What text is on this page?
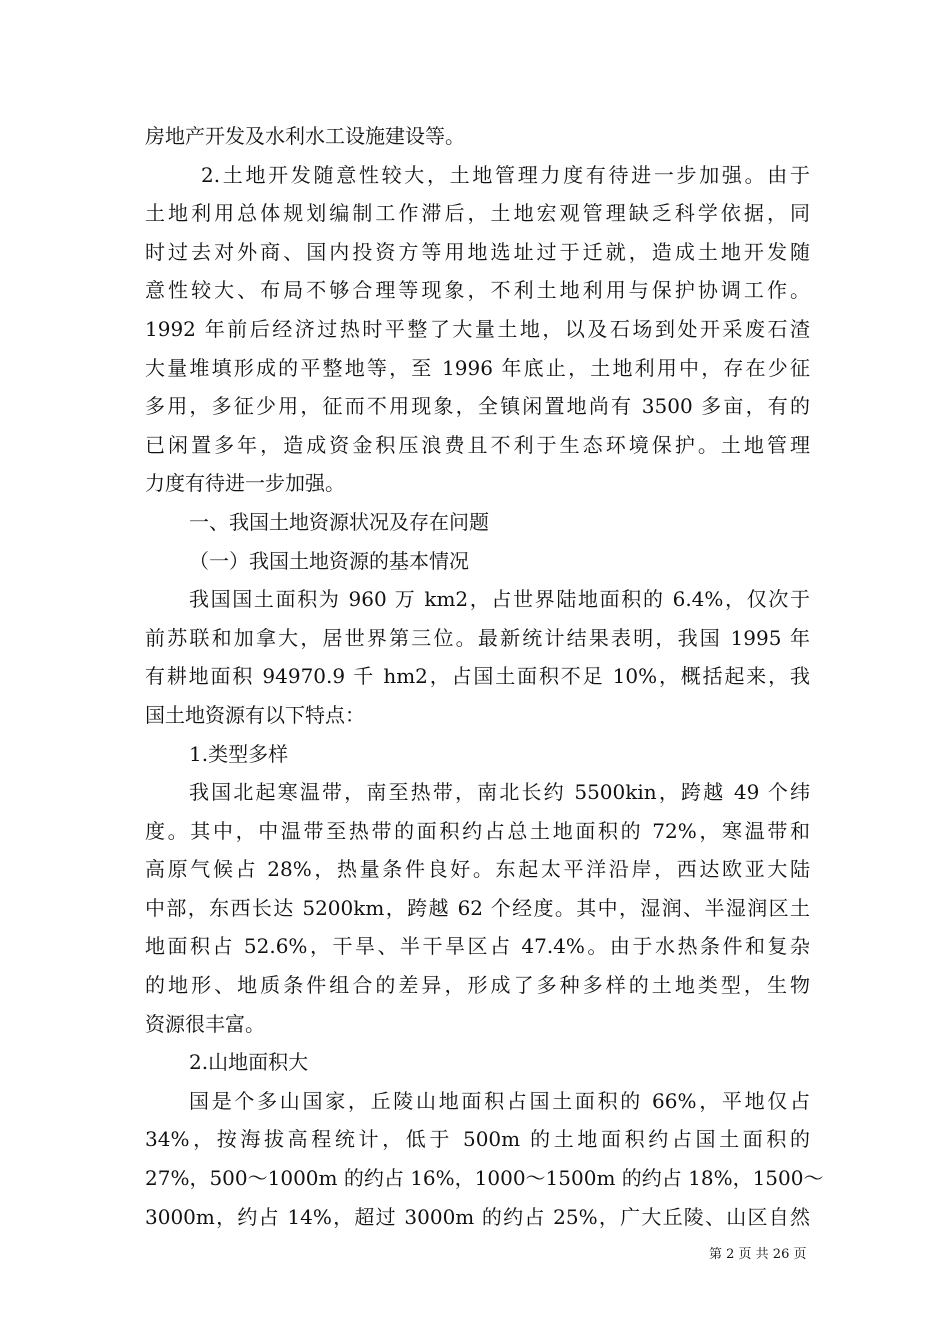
房地产开发及水利水工设施建设等。
2.土地开发随意性较大，土地管理力度有待进一步加强。由于
土地利用总体规划编制工作滞后，土地宏观管理缺乏科学依据，同
时过去对外商、国内投资方等用地选址过于迁就，造成土地开发随
意性较大、布局不够合理等现象，不利土地利用与保护协调工作。
1992 年前后经济过热时平整了大量土地，以及石场到处开采废石渣
大量堆填形成的平整地等，至 1996 年底止，土地利用中，存在少征
多用，多征少用，征而不用现象，全镇闲置地尚有 3500 多亩，有的
已闲置多年，造成资金积压浪费且不利于生态环境保护。土地管理
力度有待进一步加强。
一、我国土地资源状况及存在问题
（一）我国土地资源的基本情况
我国国土面积为 960 万 km2，占世界陆地面积的 6.4%，仅次于
前苏联和加拿大，居世界第三位。最新统计结果表明，我国 1995 年
有耕地面积 94970.9 千 hm2，占国土面积不足 10%，概括起来，我
国土地资源有以下特点：
1.类型多样
我国北起寒温带，南至热带，南北长约 5500kin，跨越 49 个纬
度。其中，中温带至热带的面积约占总土地面积的 72%，寒温带和
高原气候占 28%，热量条件良好。东起太平洋沿岸，西达欧亚大陆
中部，东西长达 5200km，跨越 62 个经度。其中，湿润、半湿润区土
地面积占 52.6%，干旱、半干旱区占 47.4%。由于水热条件和复杂
的地形、地质条件组合的差异，形成了多种多样的土地类型，生物
资源很丰富。
2.山地面积大
国是个多山国家，丘陵山地面积占国土面积的 66%，平地仅占
34%，按海拔高程统计，低于 500m 的土地面积约占国土面积的
27%，500～1000m 的约占 16%，1000～1500m 的约占 18%，1500～
3000m，约占 14%，超过 3000m 的约占 25%，广大丘陵、山区自然
第 2 页 共 26 页
